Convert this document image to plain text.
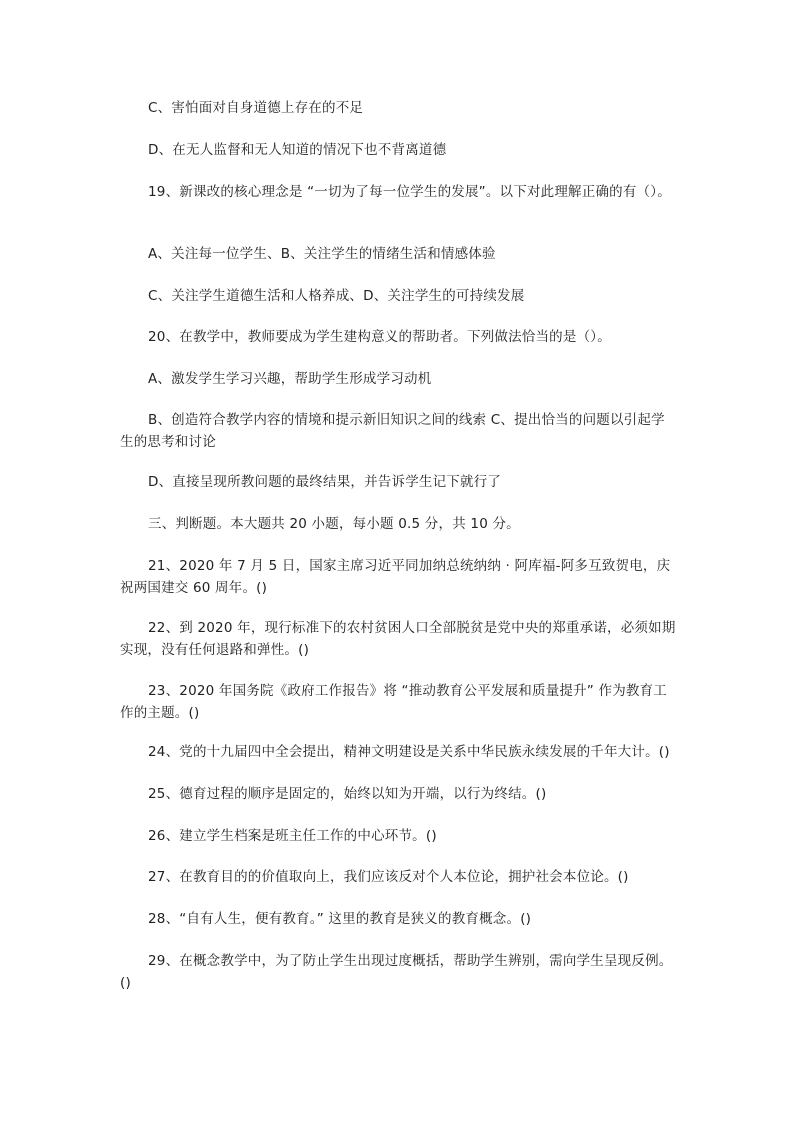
C、害怕面对自身道德上存在的不足
D、在无人监督和无人知道的情况下也不背离道德
19、新课改的核心理念是 “一切为了每一位学生的发展”。以下对此理解正确的有（）。
A、关注每一位学生、B、关注学生的情绪生活和情感体验
C、关注学生道德生活和人格养成、D、关注学生的可持续发展
20、在教学中，教师要成为学生建构意义的帮助者。下列做法恰当的是（）。
A、激发学生学习兴趣，帮助学生形成学习动机
B、创造符合教学内容的情境和提示新旧知识之间的线索 C、提出恰当的问题以引起学
生的思考和讨论
D、直接呈现所教问题的最终结果，并告诉学生记下就行了
三、判断题。本大题共 20 小题，每小题 0.5 分，共 10 分。
21、2020 年 7 月 5 日，国家主席习近平同加纳总统纳纳 · 阿库福-阿多互致贺电，庆
祝两国建交 60 周年。()
22、到 2020 年，现行标准下的农村贫困人口全部脱贫是党中央的郑重承诺，必须如期
实现，没有任何退路和弹性。()
23、2020 年国务院《政府工作报告》将 “推动教育公平发展和质量提升” 作为教育工
作的主题。()
24、党的十九届四中全会提出，精神文明建设是关系中华民族永续发展的千年大计。()
25、德育过程的顺序是固定的，始终以知为开端，以行为终结。()
26、建立学生档案是班主任工作的中心环节。()
27、在教育目的的价值取向上，我们应该反对个人本位论，拥护社会本位论。()
28、“自有人生，便有教育。” 这里的教育是狭义的教育概念。()
29、在概念教学中，为了防止学生出现过度概括，帮助学生辨别，需向学生呈现反例。
()
